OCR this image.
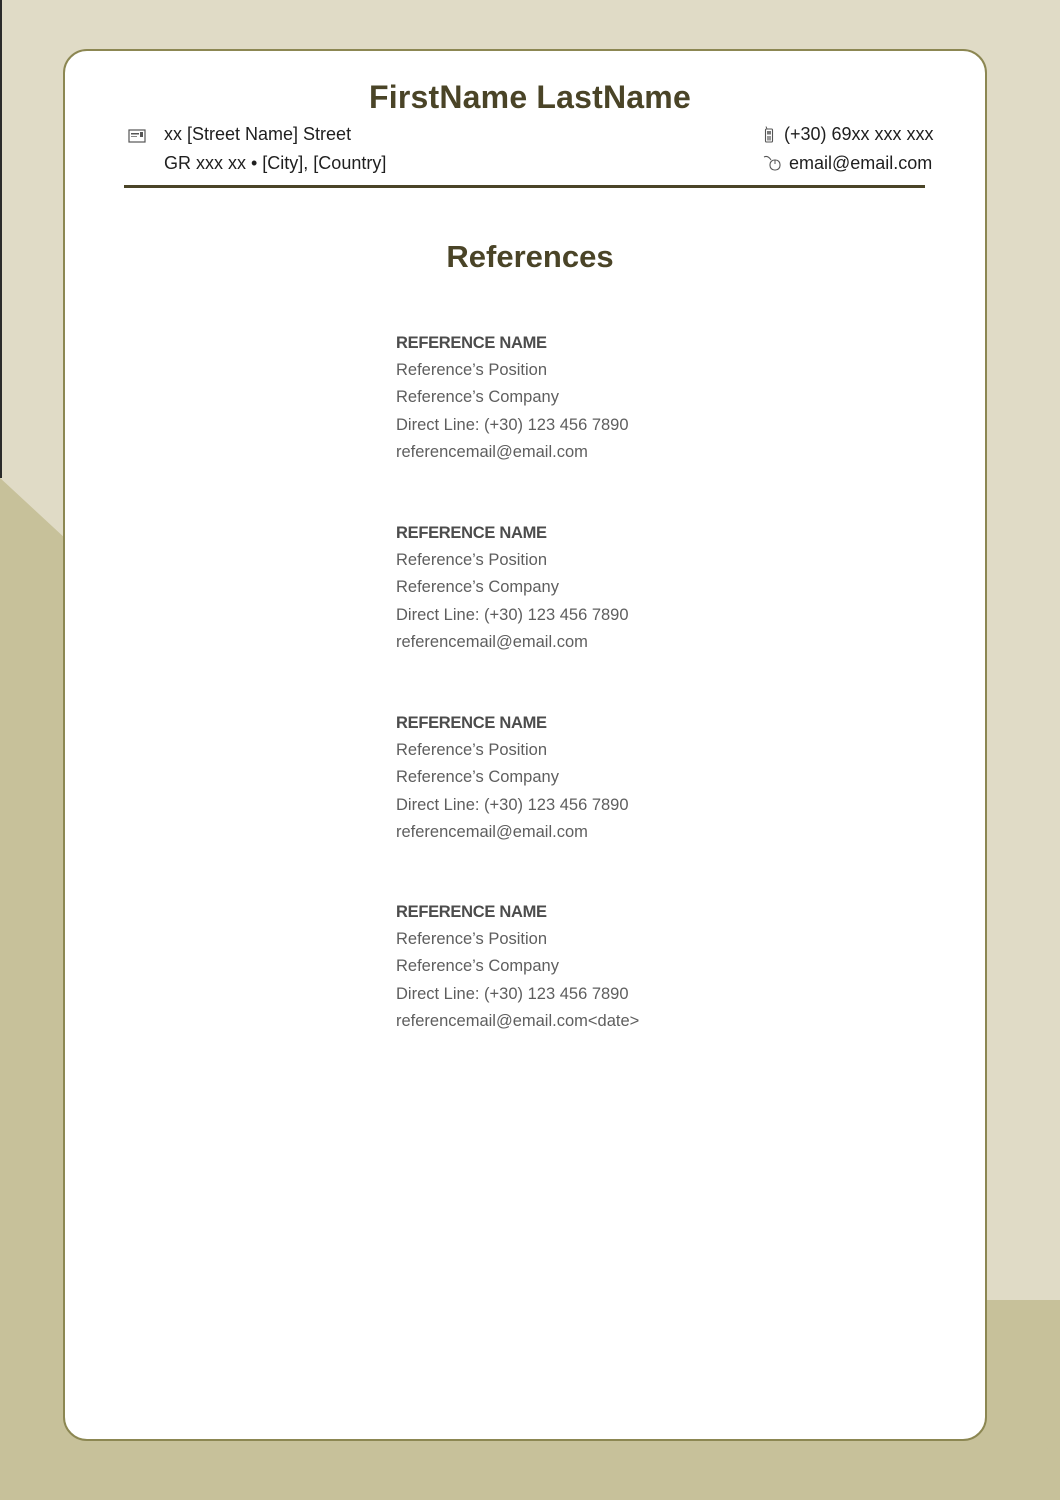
FirstName LastName
xx [Street Name] Street
GR xxx xx • [City], [Country]
(+30) 69xx xxx xxx
email@email.com
References
REFERENCE NAME
Reference’s Position
Reference’s Company
Direct Line: (+30) 123 456 7890
referencemail@email.com
REFERENCE NAME
Reference’s Position
Reference’s Company
Direct Line: (+30) 123 456 7890
referencemail@email.com
REFERENCE NAME
Reference’s Position
Reference’s Company
Direct Line: (+30) 123 456 7890
referencemail@email.com
REFERENCE NAME
Reference’s Position
Reference’s Company
Direct Line: (+30) 123 456 7890
referencemail@email.com<date>
